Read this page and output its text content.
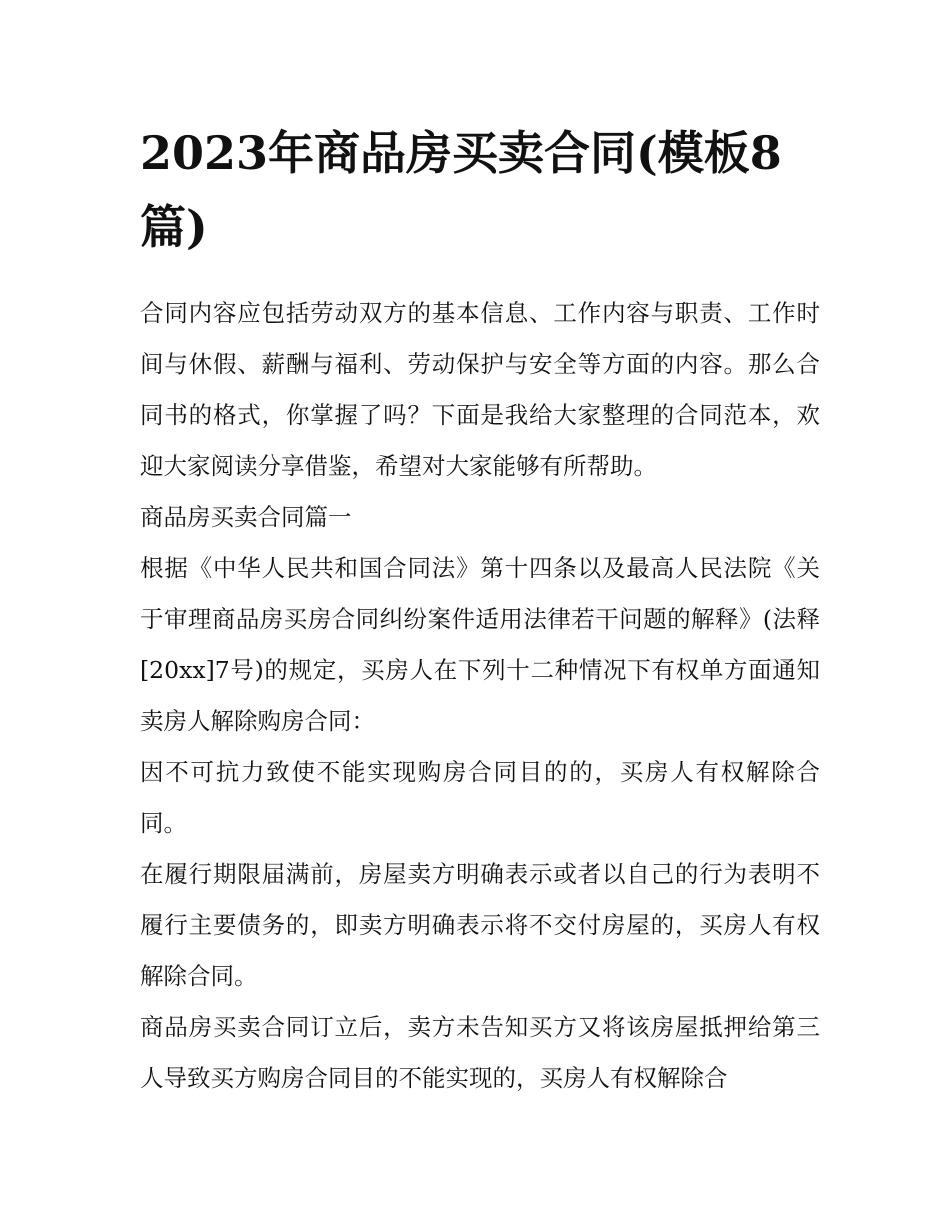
2023年商品房买卖合同(模板8篇)

合同内容应包括劳动双方的基本信息、工作内容与职责、工作时间与休假、薪酬与福利、劳动保护与安全等方面的内容。那么合同书的格式，你掌握了吗？下面是我给大家整理的合同范本，欢迎大家阅读分享借鉴，希望对大家能够有所帮助。

商品房买卖合同篇一

根据《中华人民共和国合同法》第十四条以及最高人民法院《关于审理商品房买房合同纠纷案件适用法律若干问题的解释》(法释[20xx]7号)的规定，买房人在下列十二种情况下有权单方面通知卖房人解除购房合同：

因不可抗力致使不能实现购房合同目的的，买房人有权解除合同。

在履行期限届满前，房屋卖方明确表示或者以自己的行为表明不履行主要债务的，即卖方明确表示将不交付房屋的，买房人有权解除合同。

商品房买卖合同订立后，卖方未告知买方又将该房屋抵押给第三人导致买方购房合同目的不能实现的，买房人有权解除合
